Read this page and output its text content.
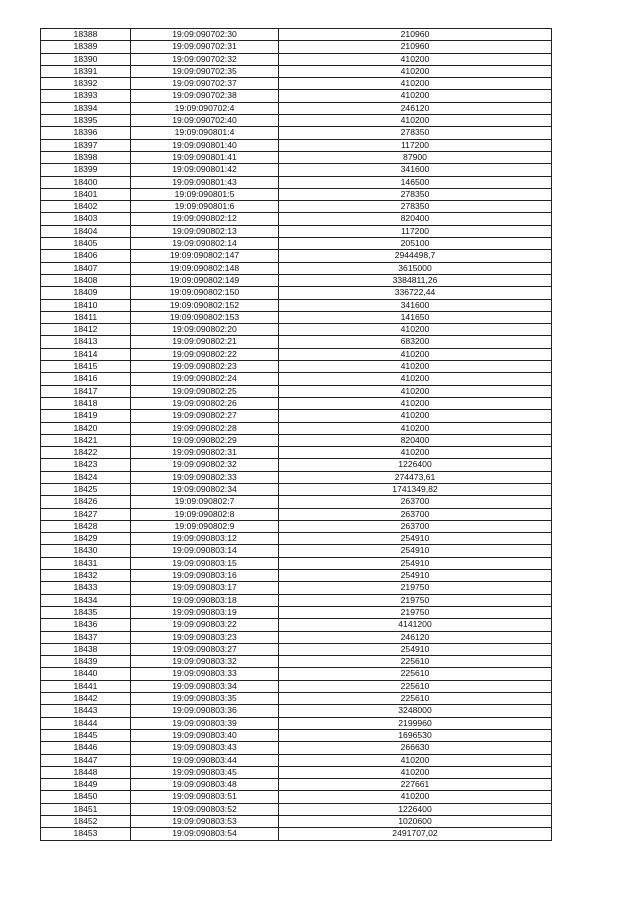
18388	19:09:090702:30	210960
18389	19:09:090702:31	210960
18390	19:09:090702:32	410200
18391	19:09:090702:35	410200
18392	19:09:090702:37	410200
18393	19:09:090702:38	410200
18394	19:09:090702:4	246120
18395	19:09:090702:40	410200
18396	19:09:090801:4	278350
18397	19:09:090801:40	117200
18398	19:09:090801:41	87900
18399	19:09:090801:42	341600
18400	19:09:090801:43	146500
18401	19:09:090801:5	278350
18402	19:09:090801:6	278350
18403	19:09:090802:12	820400
18404	19:09:090802:13	117200
18405	19:09:090802:14	205100
18406	19:09:090802:147	2944498,7
18407	19:09:090802:148	3615000
18408	19:09:090802:149	3384811,26
18409	19:09:090802:150	336722,44
18410	19:09:090802:152	341600
18411	19:09:090802:153	141650
18412	19:09:090802:20	410200
18413	19:09:090802:21	683200
18414	19:09:090802:22	410200
18415	19:09:090802:23	410200
18416	19:09:090802:24	410200
18417	19:09:090802:25	410200
18418	19:09:090802:26	410200
18419	19:09:090802:27	410200
18420	19:09:090802:28	410200
18421	19:09:090802:29	820400
18422	19:09:090802:31	410200
18423	19:09:090802:32	1226400
18424	19:09:090802:33	274473,61
18425	19:09:090802:34	1741349,82
18426	19:09:090802:7	263700
18427	19:09:090802:8	263700
18428	19:09:090802:9	263700
18429	19:09:090803:12	254910
18430	19:09:090803:14	254910
18431	19:09:090803:15	254910
18432	19:09:090803:16	254910
18433	19:09:090803:17	219750
18434	19:09:090803:18	219750
18435	19:09:090803:19	219750
18436	19:09:090803:22	4141200
18437	19:09:090803:23	246120
18438	19:09:090803:27	254910
18439	19:09:090803:32	225610
18440	19:09:090803:33	225610
18441	19:09:090803:34	225610
18442	19:09:090803:35	225610
18443	19:09:090803:36	3248000
18444	19:09:090803:39	2199960
18445	19:09:090803:40	1696530
18446	19:09:090803:43	266630
18447	19:09:090803:44	410200
18448	19:09:090803:45	410200
18449	19:09:090803:48	227661
18450	19:09:090803:51	410200
18451	19:09:090803:52	1226400
18452	19:09:090803:53	1020600
18453	19:09:090803:54	2491707,02
